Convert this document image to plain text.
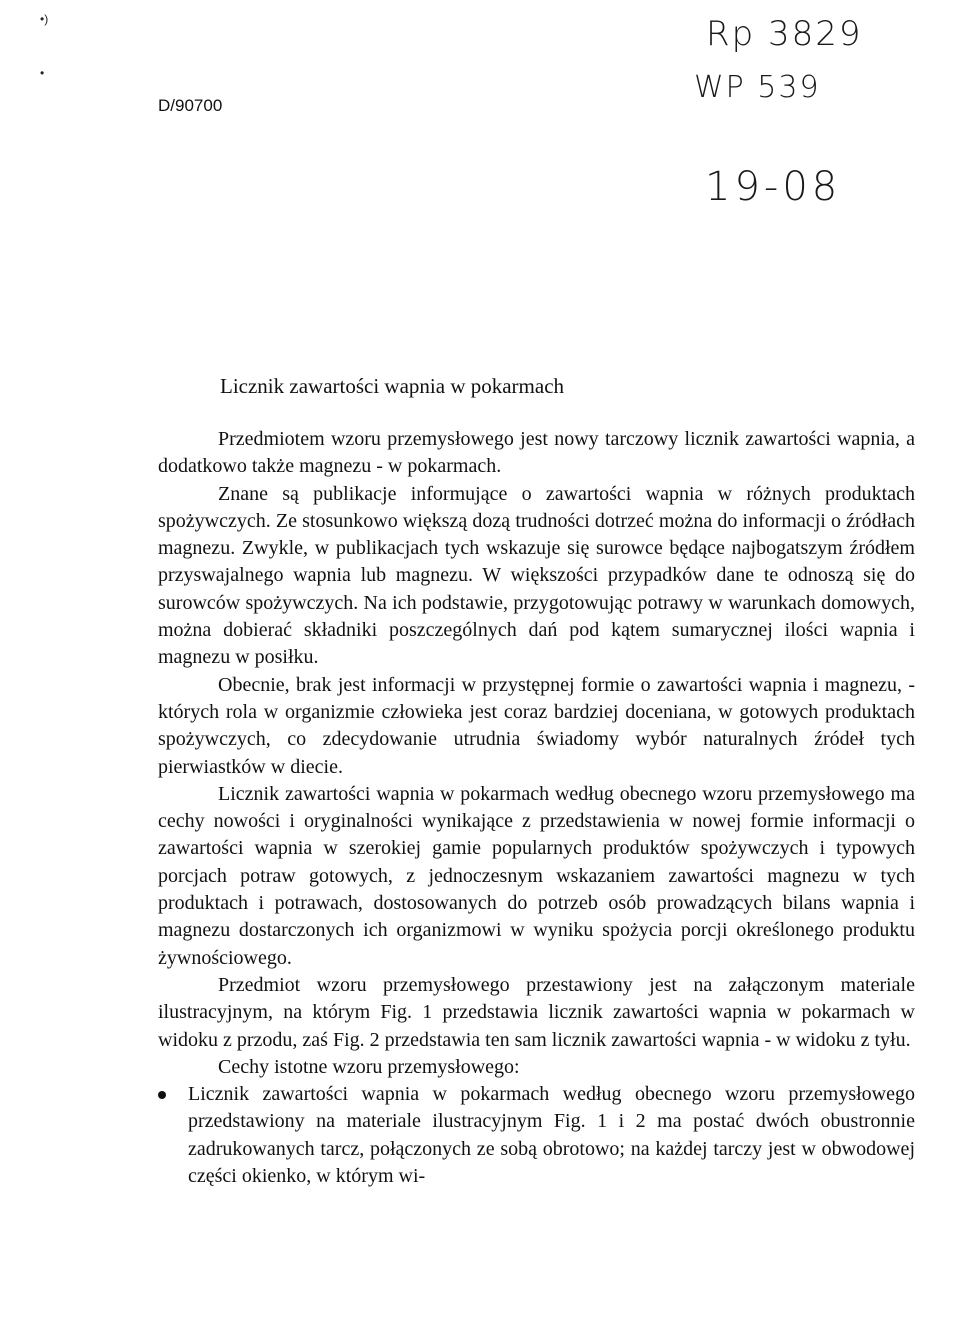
•)
•
D/90700
Rp 3829
WP 539
19-08
Licznik zawartości wapnia w pokarmach

Przedmiotem wzoru przemysłowego jest nowy tarczowy licznik zawartości wapnia, a dodatkowo także magnezu - w pokarmach.

Znane są publikacje informujące o zawartości wapnia w różnych produktach spożywczych. Ze stosunkowo większą dozą trudności dotrzeć można do informacji o źródłach magnezu. Zwykle, w publikacjach tych wskazuje się surowce będące najbogatszym źródłem przyswajalnego wapnia lub magnezu. W większości przypadków dane te odnoszą się do surowców spożywczych. Na ich podstawie, przygotowując potrawy w warunkach domowych, można dobierać składniki poszczególnych dań pod kątem sumarycznej ilości wapnia i magnezu w posiłku.

Obecnie, brak jest informacji w przystępnej formie o zawartości wapnia i magnezu, - których rola w organizmie człowieka jest coraz bardziej doceniana, w gotowych produktach spożywczych, co zdecydowanie utrudnia świadomy wybór naturalnych źródeł tych pierwiastków w diecie.

Licznik zawartości wapnia w pokarmach według obecnego wzoru przemysłowego ma cechy nowości i oryginalności wynikające z przedstawienia w nowej formie informacji o zawartości wapnia w szerokiej gamie popularnych produktów spożywczych i typowych porcjach potraw gotowych, z jednoczesnym wskazaniem zawartości magnezu w tych produktach i potrawach, dostosowanych do potrzeb osób prowadzących bilans wapnia i magnezu dostarczonych ich organizmowi w wyniku spożycia porcji określonego produktu żywnościowego.

Przedmiot wzoru przemysłowego przestawiony jest na załączonym materiale ilustracyjnym, na którym Fig. 1 przedstawia licznik zawartości wapnia w pokarmach w widoku z przodu, zaś Fig. 2 przedstawia ten sam licznik zawartości wapnia - w widoku z tyłu.

Cechy istotne wzoru przemysłowego:

Licznik zawartości wapnia w pokarmach według obecnego wzoru przemysłowego przedstawiony na materiale ilustracyjnym Fig. 1 i 2 ma postać dwóch obustronnie zadrukowanych tarcz, połączonych ze sobą obrotowo; na każdej tarczy jest w obwodowej części okienko, w którym wi-
